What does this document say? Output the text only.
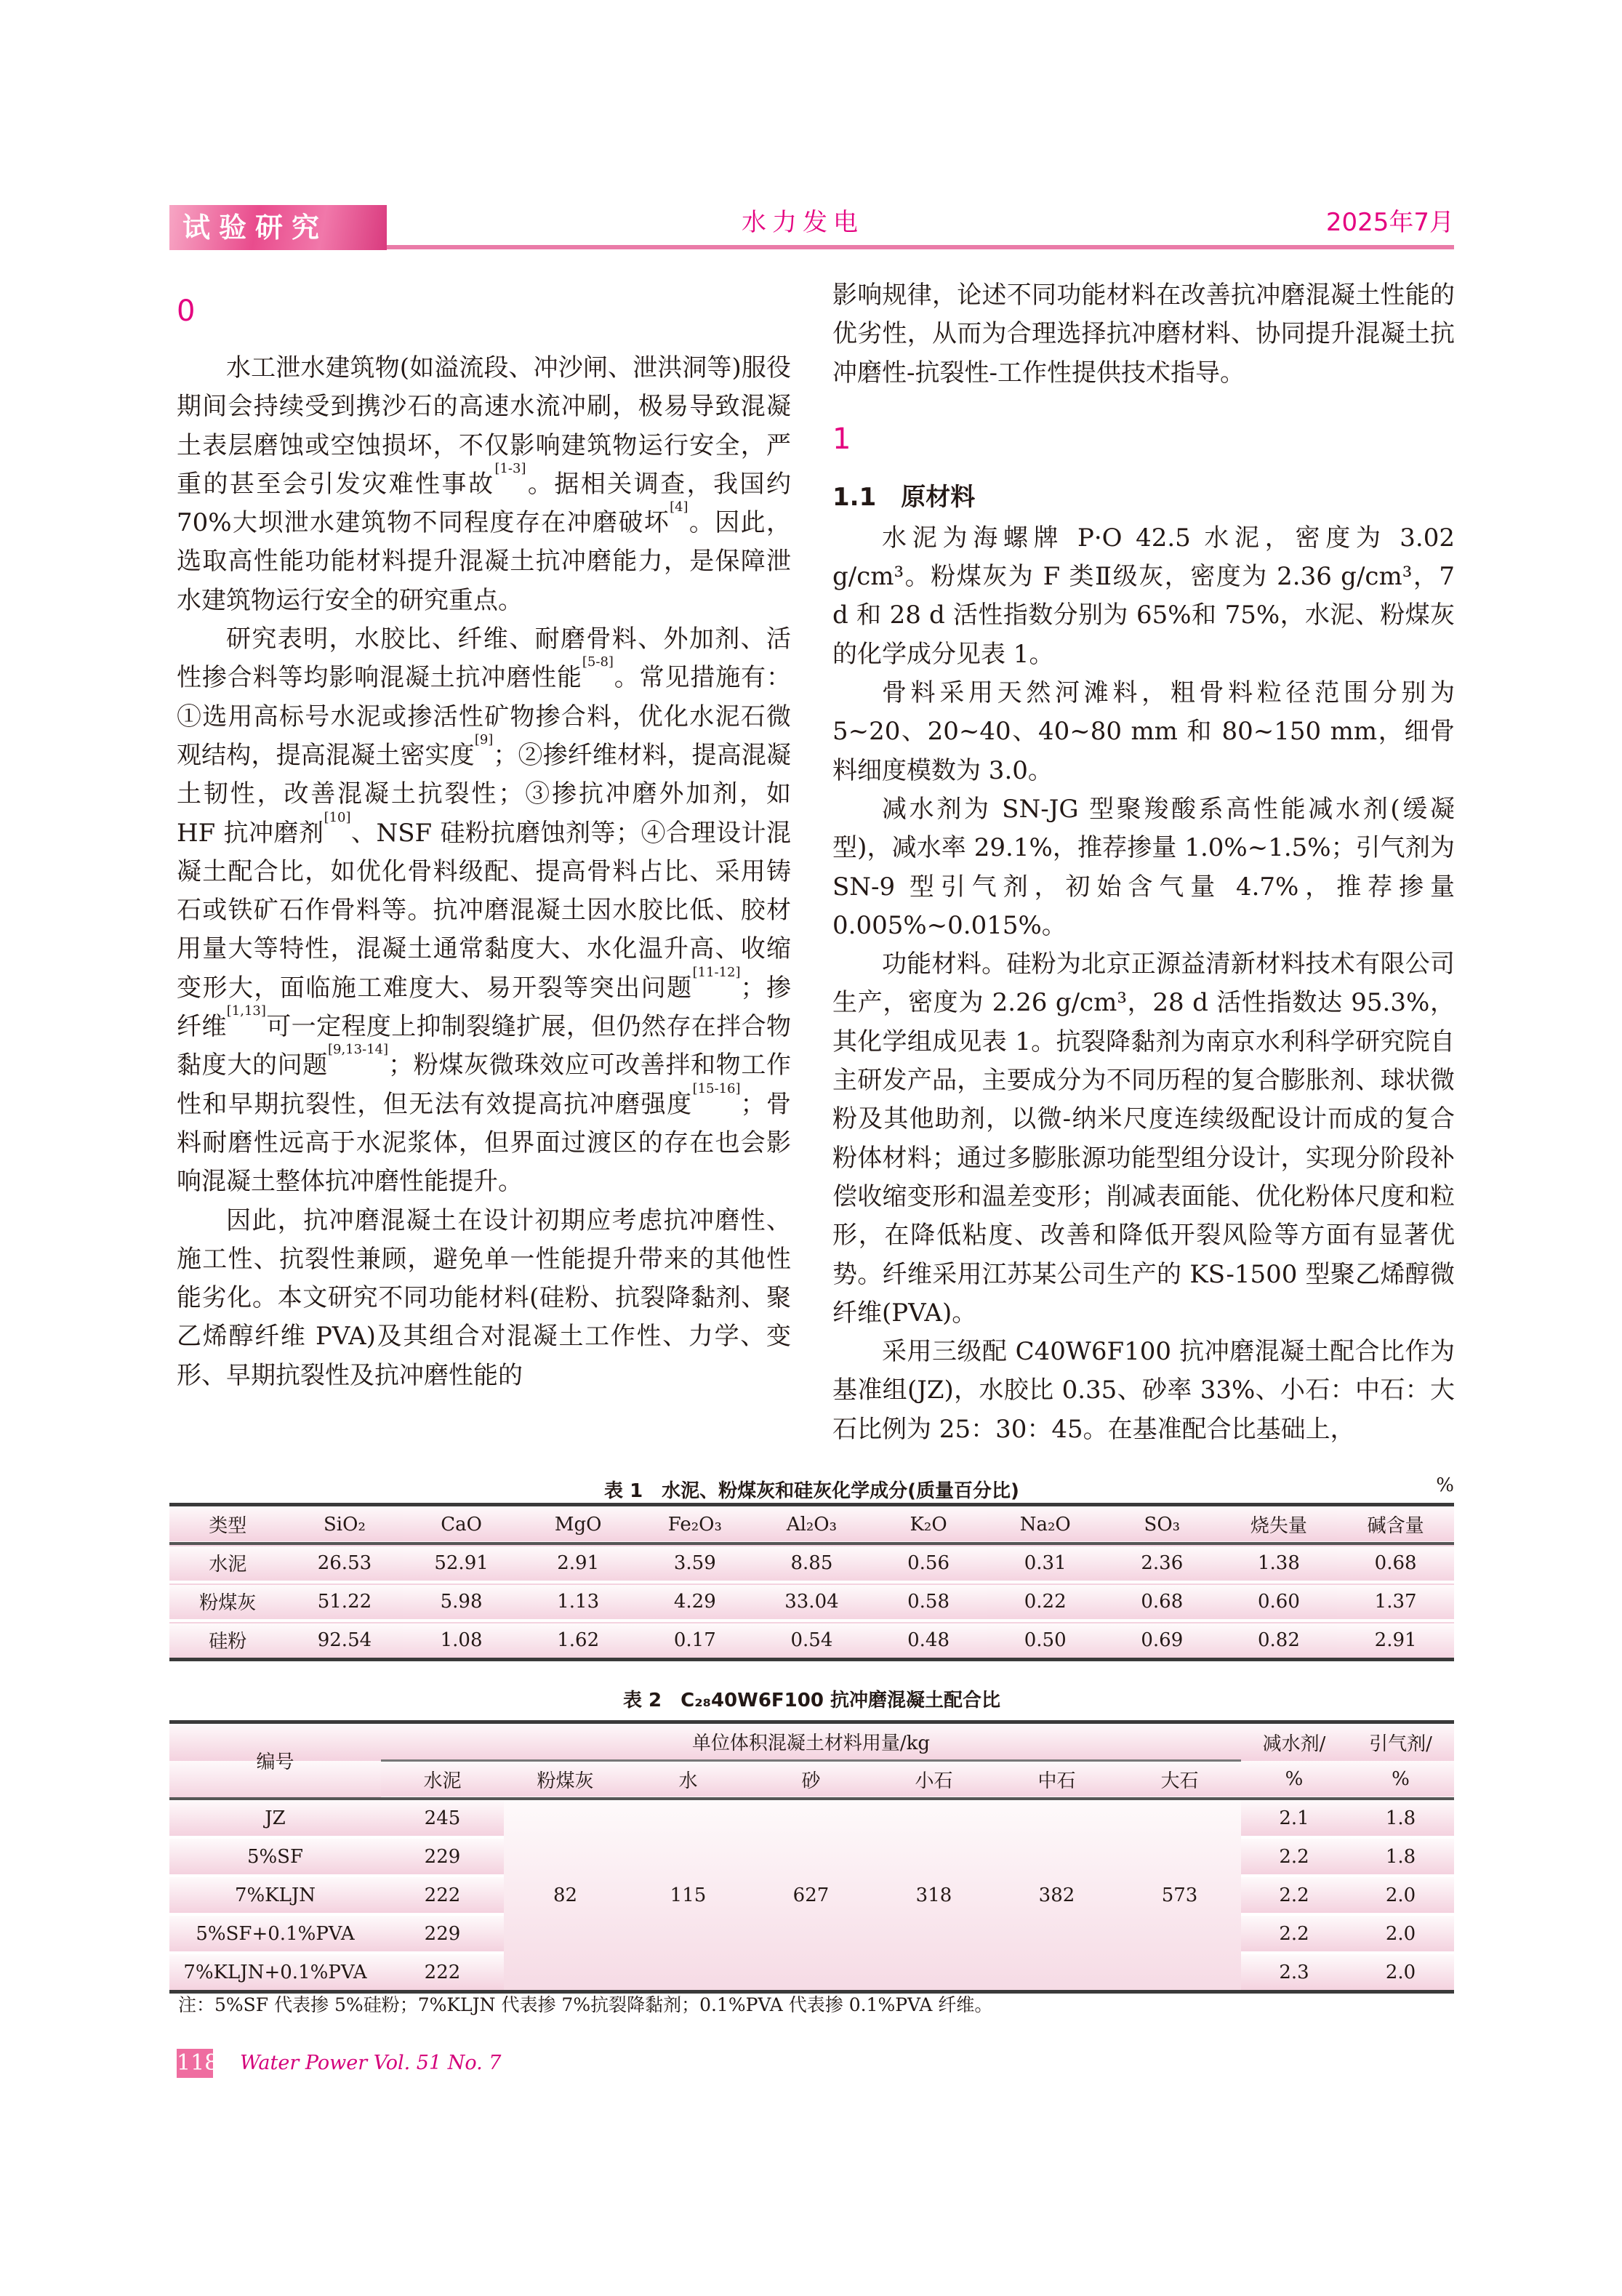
试验研究	水力发电	2025年7月
0

水工泄水建筑物(如溢流段、冲沙闸、泄洪洞等)服役期间会持续受到携沙石的高速水流冲刷，极易导致混凝土表层磨蚀或空蚀损坏，不仅影响建筑物运行安全，严重的甚至会引发灾难性事故[1-3]。据相关调查，我国约70%大坝泄水建筑物不同程度存在冲磨破坏[4]。因此，选取高性能功能材料提升混凝土抗冲磨能力，是保障泄水建筑物运行安全的研究重点。

研究表明，水胶比、纤维、耐磨骨料、外加剂、活性掺合料等均影响混凝土抗冲磨性能[5-8]。常见措施有：①选用高标号水泥或掺活性矿物掺合料，优化水泥石微观结构，提高混凝土密实度[9]；②掺纤维材料，提高混凝土韧性，改善混凝土抗裂性；③掺抗冲磨外加剂，如 HF 抗冲磨剂[10]、NSF 硅粉抗磨蚀剂等；④合理设计混凝土配合比，如优化骨料级配、提高骨料占比、采用铸石或铁矿石作骨料等。抗冲磨混凝土因水胶比低、胶材用量大等特性，混凝土通常黏度大、水化温升高、收缩变形大，面临施工难度大、易开裂等突出问题[11-12]；掺纤维[1,13]可一定程度上抑制裂缝扩展，但仍然存在拌合物黏度大的问题[9,13-14]；粉煤灰微珠效应可改善拌和物工作性和早期抗裂性，但无法有效提高抗冲磨强度[15-16]；骨料耐磨性远高于水泥浆体，但界面过渡区的存在也会影响混凝土整体抗冲磨性能提升。

因此，抗冲磨混凝土在设计初期应考虑抗冲磨性、施工性、抗裂性兼顾，避免单一性能提升带来的其他性能劣化。本文研究不同功能材料(硅粉、抗裂降黏剂、聚乙烯醇纤维 PVA)及其组合对混凝土工作性、力学、变形、早期抗裂性及抗冲磨性能的

影响规律，论述不同功能材料在改善抗冲磨混凝土性能的优劣性，从而为合理选择抗冲磨材料、协同提升混凝土抗冲磨性-抗裂性-工作性提供技术指导。

1
1.1　原材料

水泥为海螺牌 P·O 42.5 水泥，密度为 3.02 g/cm³。粉煤灰为 F 类Ⅱ级灰，密度为 2.36 g/cm³，7 d 和 28 d 活性指数分别为 65%和 75%，水泥、粉煤灰的化学成分见表 1。

骨料采用天然河滩料，粗骨料粒径范围分别为 5~20、20~40、40~80 mm 和 80~150 mm，细骨料细度模数为 3.0。

减水剂为 SN-JG 型聚羧酸系高性能减水剂(缓凝型)，减水率 29.1%，推荐掺量 1.0%~1.5%；引气剂为 SN-9 型引气剂，初始含气量 4.7%，推荐掺量 0.005%~0.015%。

功能材料。硅粉为北京正源益清新材料技术有限公司生产，密度为 2.26 g/cm³，28 d 活性指数达 95.3%，其化学组成见表 1。抗裂降黏剂为南京水利科学研究院自主研发产品，主要成分为不同历程的复合膨胀剂、球状微粉及其他助剂，以微-纳米尺度连续级配设计而成的复合粉体材料；通过多膨胀源功能型组分设计，实现分阶段补偿收缩变形和温差变形；削减表面能、优化粉体尺度和粒形，在降低粘度、改善和降低开裂风险等方面有显著优势。纤维采用江苏某公司生产的 KS-1500 型聚乙烯醇微纤维(PVA)。

采用三级配 C40W6F100 抗冲磨混凝土配合比作为基准组(JZ)，水胶比 0.35、砂率 33%、小石：中石：大石比例为 25：30：45。在基准配合比基础上，

表 1　水泥、粉煤灰和硅灰化学成分(质量百分比)	%
类型	SiO₂	CaO	MgO	Fe₂O₃	Al₂O₃	K₂O	Na₂O	SO₃	烧失量	碱含量
水泥	26.53	52.91	2.91	3.59	8.85	0.56	0.31	2.36	1.38	0.68
粉煤灰	51.22	5.98	1.13	4.29	33.04	0.58	0.22	0.68	0.60	1.37
硅粉	92.54	1.08	1.62	0.17	0.54	0.48	0.50	0.69	0.82	2.91
表 2　C₂₈40W6F100 抗冲磨混凝土配合比
编号	单位体积混凝土材料用量/kg							减水剂/	引气剂/
	水泥	粉煤灰	水	砂	小石	中石	大石	%	%
JZ	245	82	115	627	318	382	573	2.1	1.8
5%SF	229							2.2	1.8
7%KLJN	222							2.2	2.0
5%SF+0.1%PVA	229							2.2	2.0
7%KLJN+0.1%PVA	222							2.3	2.0
注：5%SF 代表掺 5%硅粉；7%KLJN 代表掺 7%抗裂降黏剂；0.1%PVA 代表掺 0.1%PVA 纤维。
118 Water Power Vol. 51 No. 7
